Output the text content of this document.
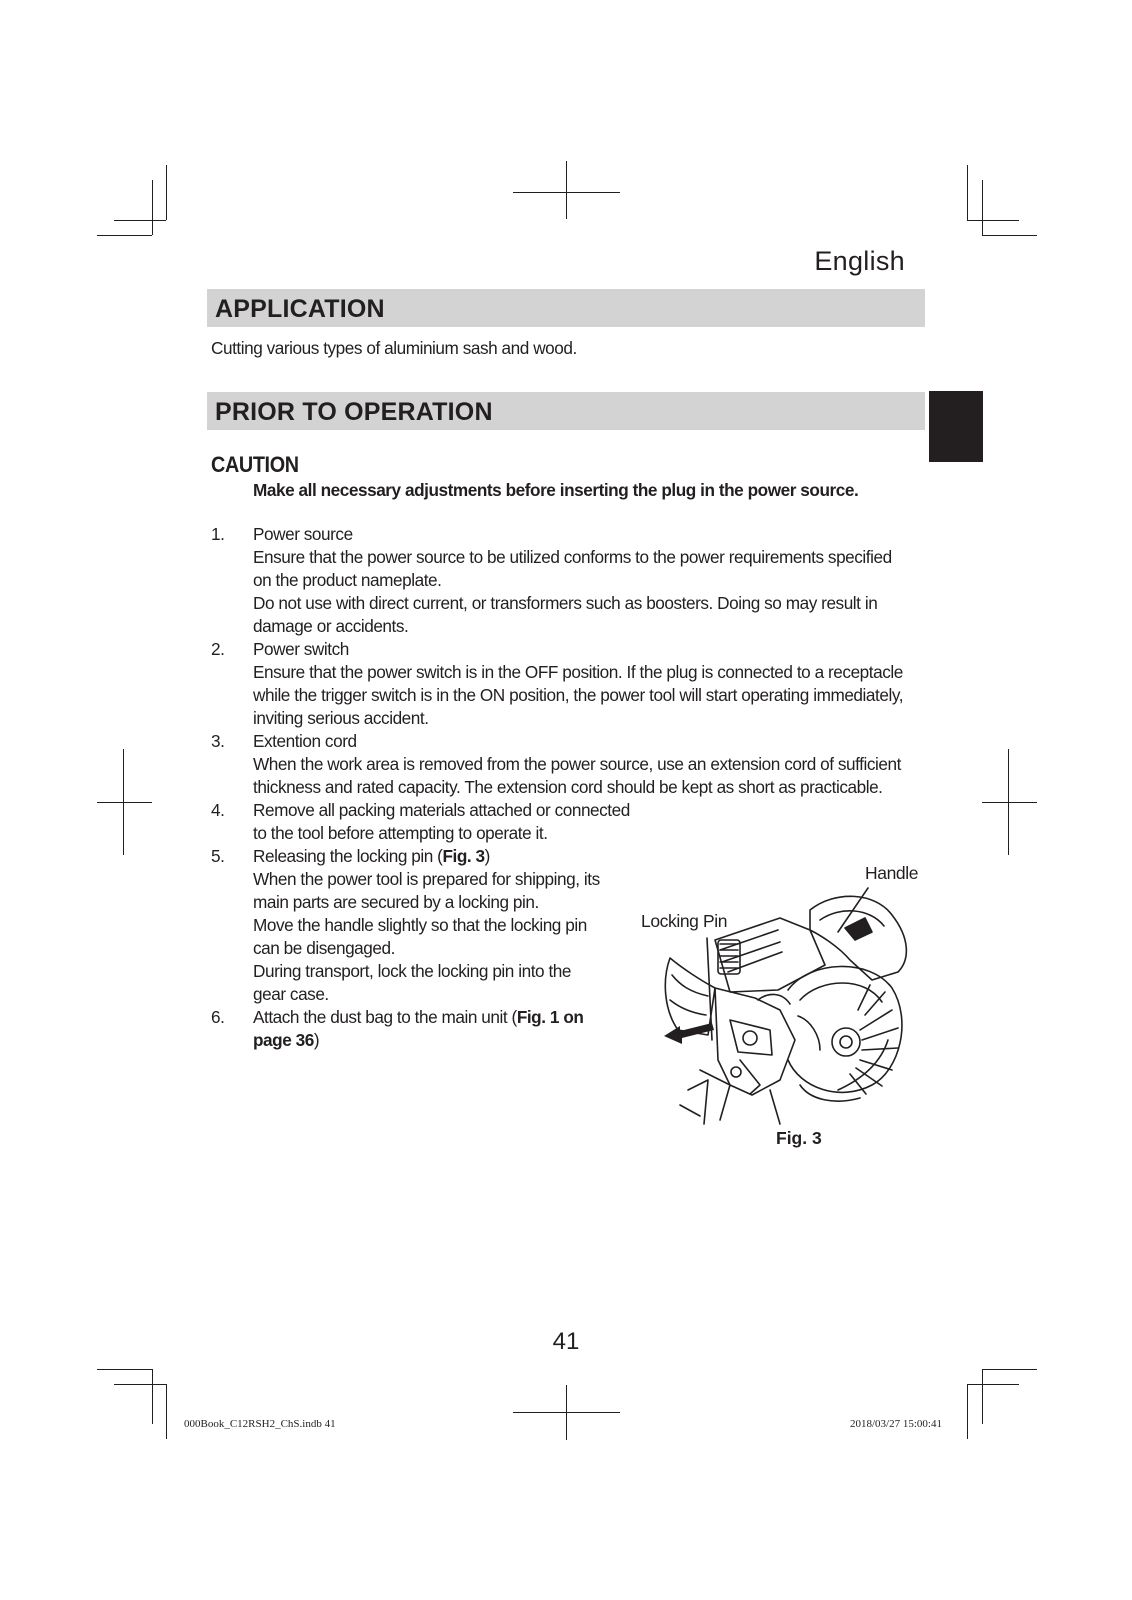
English
APPLICATION
Cutting various types of aluminium sash and wood.
PRIOR TO OPERATION
CAUTION
Make all necessary adjustments before inserting the plug in the power source.
1.	Power source
Ensure that the power source to be utilized conforms to the power requirements specified
on the product nameplate.
Do not use with direct current, or transformers such as boosters. Doing so may result in
damage or accidents.
2.	Power switch
Ensure that the power switch is in the OFF position. If the plug is connected to a receptacle
while the trigger switch is in the ON position, the power tool will start operating immediately,
inviting serious accident.
3.	Extention cord
When the work area is removed from the power source, use an extension cord of sufficient
thickness and rated capacity. The extension cord should be kept as short as practicable.
4.	Remove all packing materials attached or connected
to the tool before attempting to operate it.
5.	Releasing the locking pin (Fig. 3)
When the power tool is prepared for shipping, its
main parts are secured by a locking pin.
Move the handle slightly so that the locking pin
can be disengaged.
During transport, lock the locking pin into the
gear case.
6.	Attach the dust bag to the main unit (Fig. 1 on
page 36)
Handle
Locking Pin
Fig. 3
41
000Book_C12RSH2_ChS.indb 41	2018/03/27 15:00:41
